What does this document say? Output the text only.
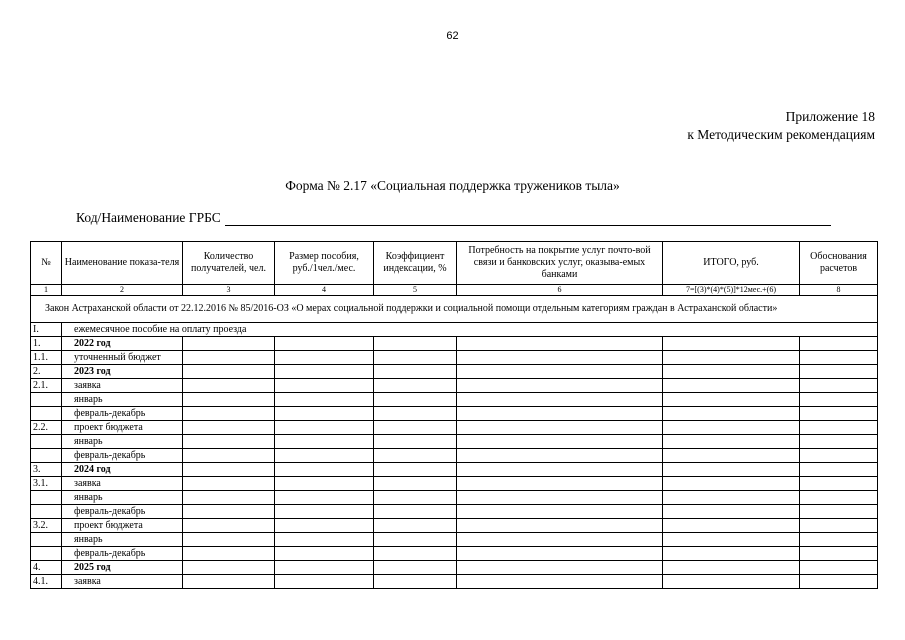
62
Приложение 18
к Методическим рекомендациям
Форма № 2.17 «Социальная поддержка тружеников тыла»
Код/Наименование ГРБС
№	Наименование показа-теля	Количество получателей, чел.	Размер пособия, руб./1чел./мес.	Коэффициент индексации, %	Потребность на покрытие услуг почто-вой связи и банковских услуг, оказыва-емых банками	ИТОГО, руб.	Обоснования расчетов
1	2	3	4	5	6	7=[(3)*(4)*(5)]*12мес.+(6)	8
Закон Астраханской области от 22.12.2016 № 85/2016-ОЗ «О мерах социальной поддержки и социальной помощи отдельным категориям граждан в Астраханской области»							
I.	ежемесячное пособие на оплату проезда						
1.	2022 год						
1.1.	уточненный бюджет						
2.	2023 год						
2.1.	заявка						
	январь						
	февраль-декабрь						
2.2.	проект бюджета						
	январь						
	февраль-декабрь						
3.	2024 год						
3.1.	заявка						
	январь						
	февраль-декабрь						
3.2.	проект бюджета						
	январь						
	февраль-декабрь						
4.	2025 год						
4.1.	заявка						
